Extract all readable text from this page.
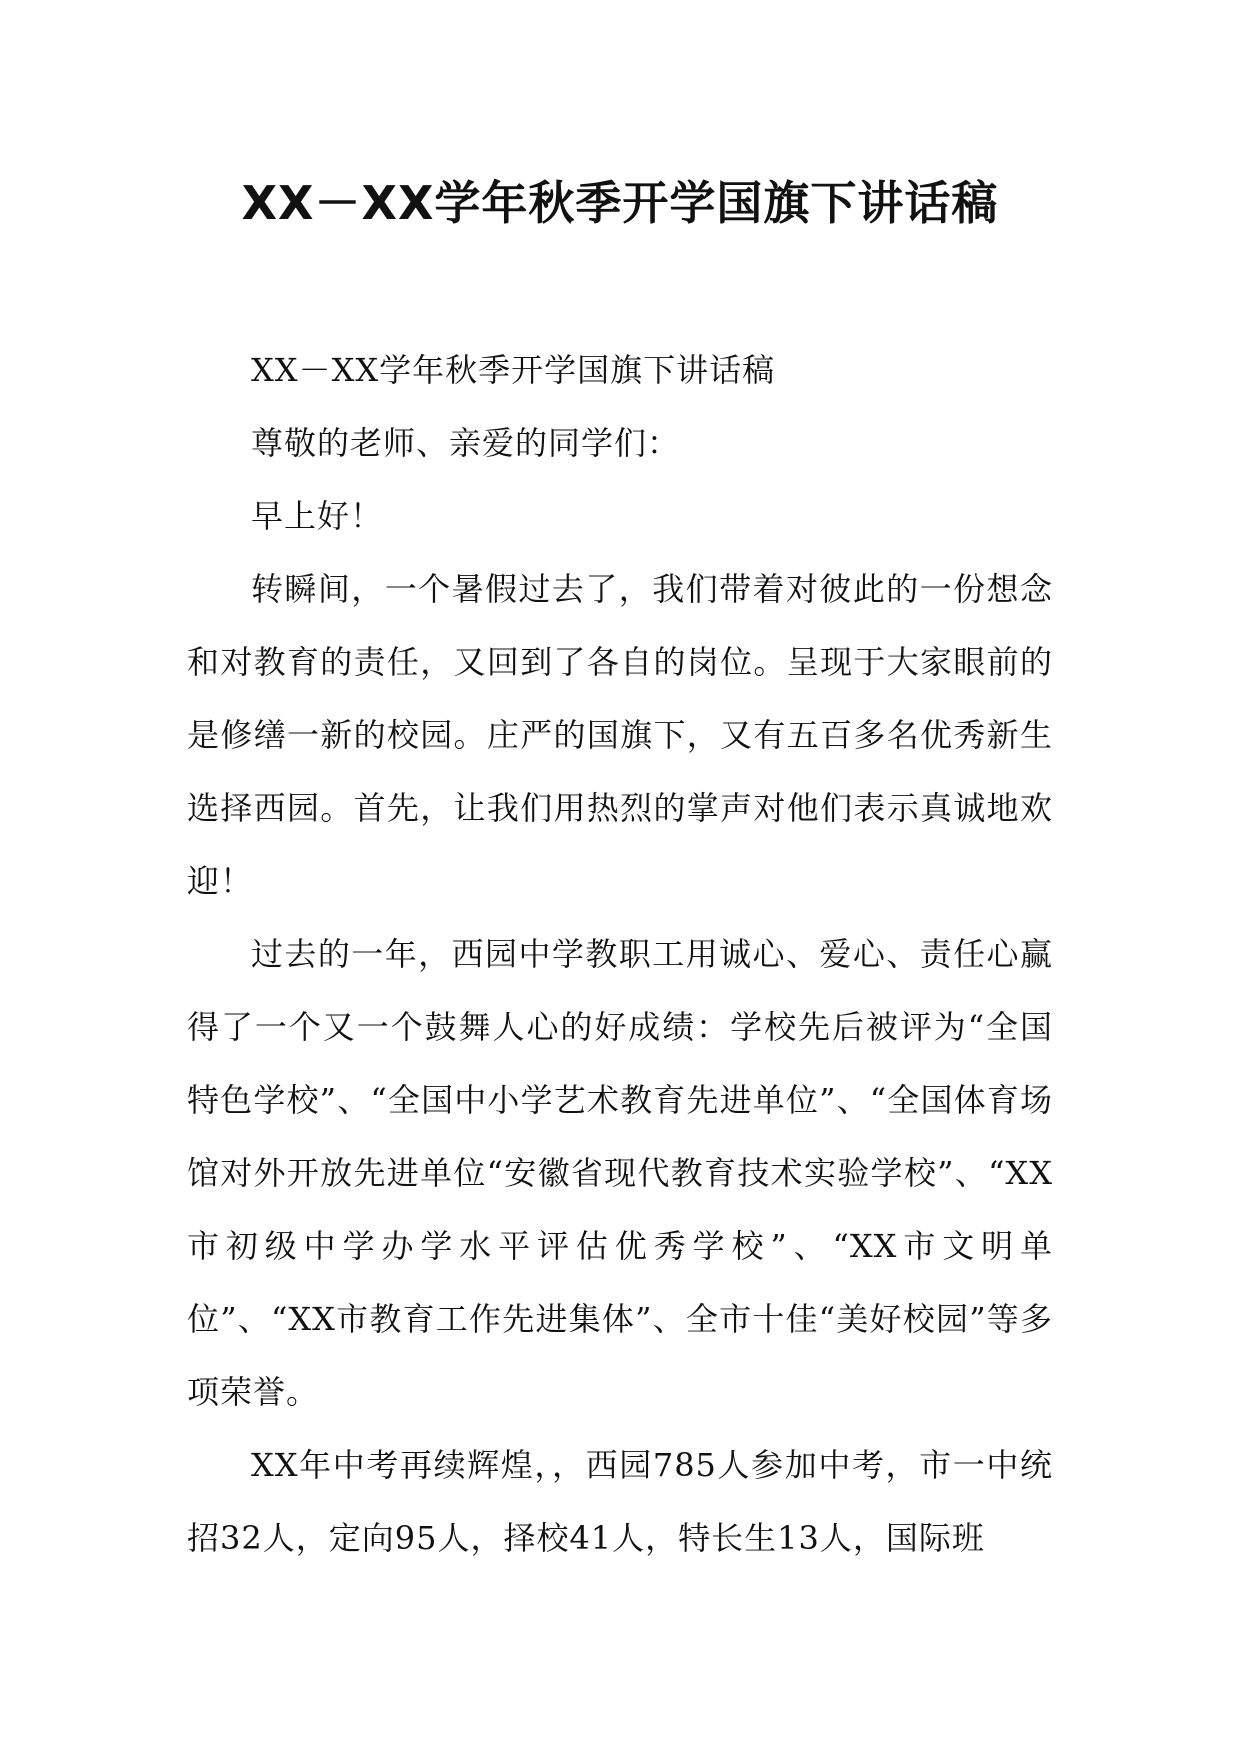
XX－XX学年秋季开学国旗下讲话稿

XX－XX学年秋季开学国旗下讲话稿

尊敬的老师、亲爱的同学们：

早上好！

转瞬间，一个暑假过去了，我们带着对彼此的一份想念和对教育的责任，又回到了各自的岗位。呈现于大家眼前的是修缮一新的校园。庄严的国旗下，又有五百多名优秀新生选择西园。首先，让我们用热烈的掌声对他们表示真诚地欢迎！

过去的一年，西园中学教职工用诚心、爱心、责任心赢得了一个又一个鼓舞人心的好成绩：学校先后被评为“全国特色学校”、“全国中小学艺术教育先进单位”、“全国体育场馆对外开放先进单位“安徽省现代教育技术实验学校”、“XX市初级中学办学水平评估优秀学校”、“XX市文明单位”、“XX市教育工作先进集体”、全市十佳“美好校园”等多项荣誉。

XX年中考再续辉煌，，西园785人参加中考，市一中统招32人，定向95人，择校41人，特长生13人，国际班
